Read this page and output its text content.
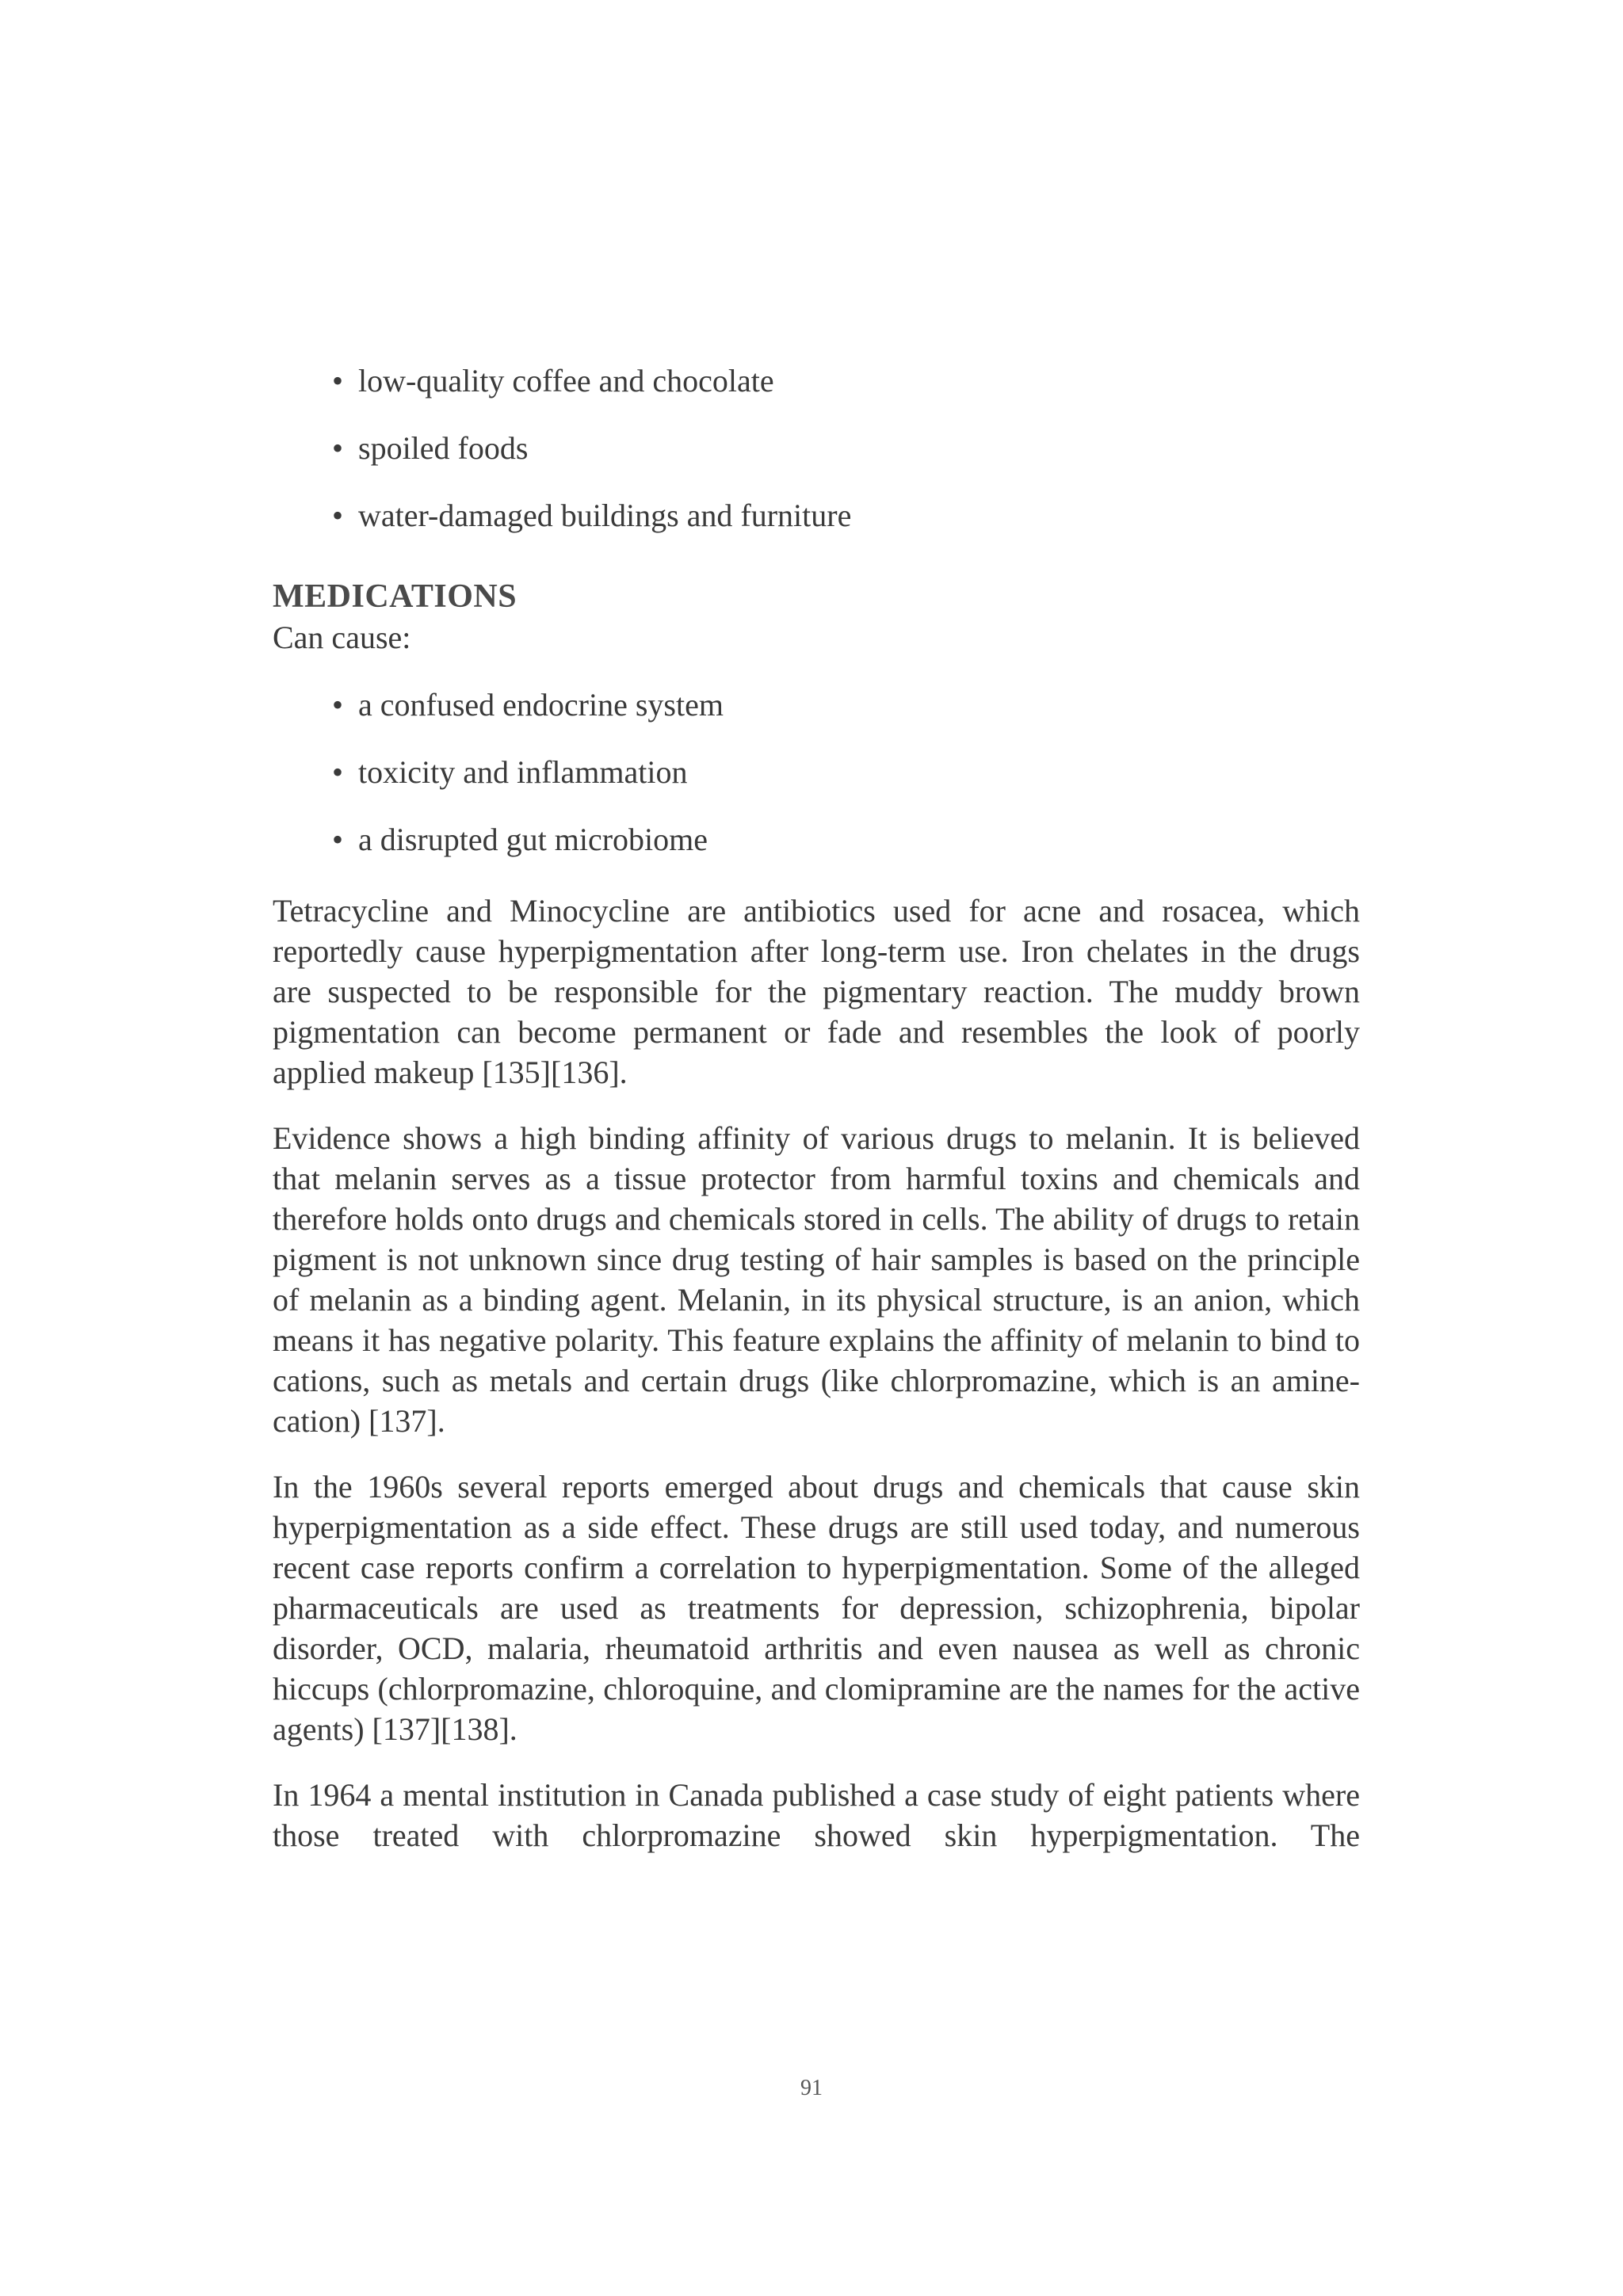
• low-quality coffee and chocolate
• spoiled foods
• water-damaged buildings and furniture
MEDICATIONS
Can cause:
• a confused endocrine system
• toxicity and inflammation
• a disrupted gut microbiome

Tetracycline and Minocycline are antibiotics used for acne and rosacea, which reportedly cause hyperpigmentation after long-term use. Iron chelates in the drugs are suspected to be responsible for the pigmentary reaction. The muddy brown pigmentation can become permanent or fade and resembles the look of poorly applied makeup [135][136].

Evidence shows a high binding affinity of various drugs to melanin. It is believed that melanin serves as a tissue protector from harmful toxins and chemicals and therefore holds onto drugs and chemicals stored in cells. The ability of drugs to retain pigment is not unknown since drug testing of hair samples is based on the principle of melanin as a binding agent. Melanin, in its physical structure, is an anion, which means it has negative polarity. This feature explains the affinity of melanin to bind to cations, such as metals and certain drugs (like chlorpromazine, which is an amine-cation) [137].

In the 1960s several reports emerged about drugs and chemicals that cause skin hyperpigmentation as a side effect. These drugs are still used today, and numerous recent case reports confirm a correlation to hyperpigmentation. Some of the alleged pharmaceuticals are used as treatments for depression, schizophrenia, bipolar disorder, OCD, malaria, rheumatoid arthritis and even nausea as well as chronic hiccups (chlorpromazine, chloroquine, and clomipramine are the names for the active agents) [137][138].

In 1964 a mental institution in Canada published a case study of eight patients where those treated with chlorpromazine showed skin hyperpigmentation. The

91
